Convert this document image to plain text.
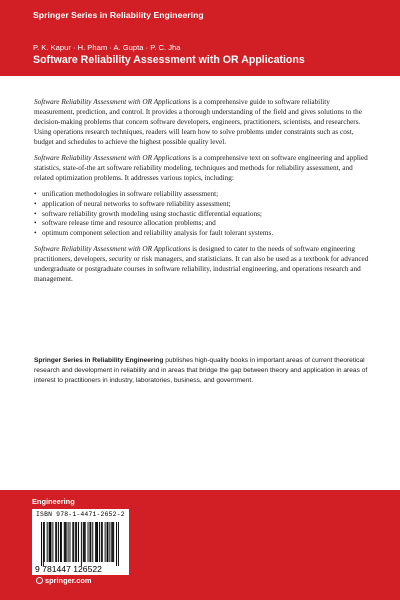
Springer Series in Reliability Engineering
P. K. Kapur · H. Pham · A. Gupta · P. C. Jha
Software Reliability Assessment with OR Applications

Software Reliability Assessment with OR Applications is a comprehensive guide to software reliability measurement, prediction, and control. It provides a thorough understanding of the field and gives solutions to the decision-making problems that concern software developers, engineers, practitioners, scientists, and researchers. Using operations research techniques, readers will learn how to solve problems under constraints such as cost, budget and schedules to achieve the highest possible quality level.

Software Reliability Assessment with OR Applications is a comprehensive text on software engineering and applied statistics, state-of-the art software reliability modeling, techniques and methods for reliability assessment, and related optimization problems. It addresses various topics, including:

• unification methodologies in software reliability assessment;
• application of neural networks to software reliability assessment;
• software reliability growth modeling using stochastic differential equations;
• software release time and resource allocation problems; and
• optimum component selection and reliability analysis for fault tolerant systems.

Software Reliability Assessment with OR Applications is designed to cater to the needs of software engineering practitioners, developers, security or risk managers, and statisticians. It can also be used as a textbook for advanced undergraduate or postgraduate courses in software reliability, industrial engineering, and operations research and management.

Springer Series in Reliability Engineering publishes high-quality books in important areas of current theoretical research and development in reliability and in areas that bridge the gap between theory and application in areas of interest to practitioners in industry, laboratories, business, and government.
Engineering
9 781447 126522
ISBN 978-1-4471-2652-2
springer.com
